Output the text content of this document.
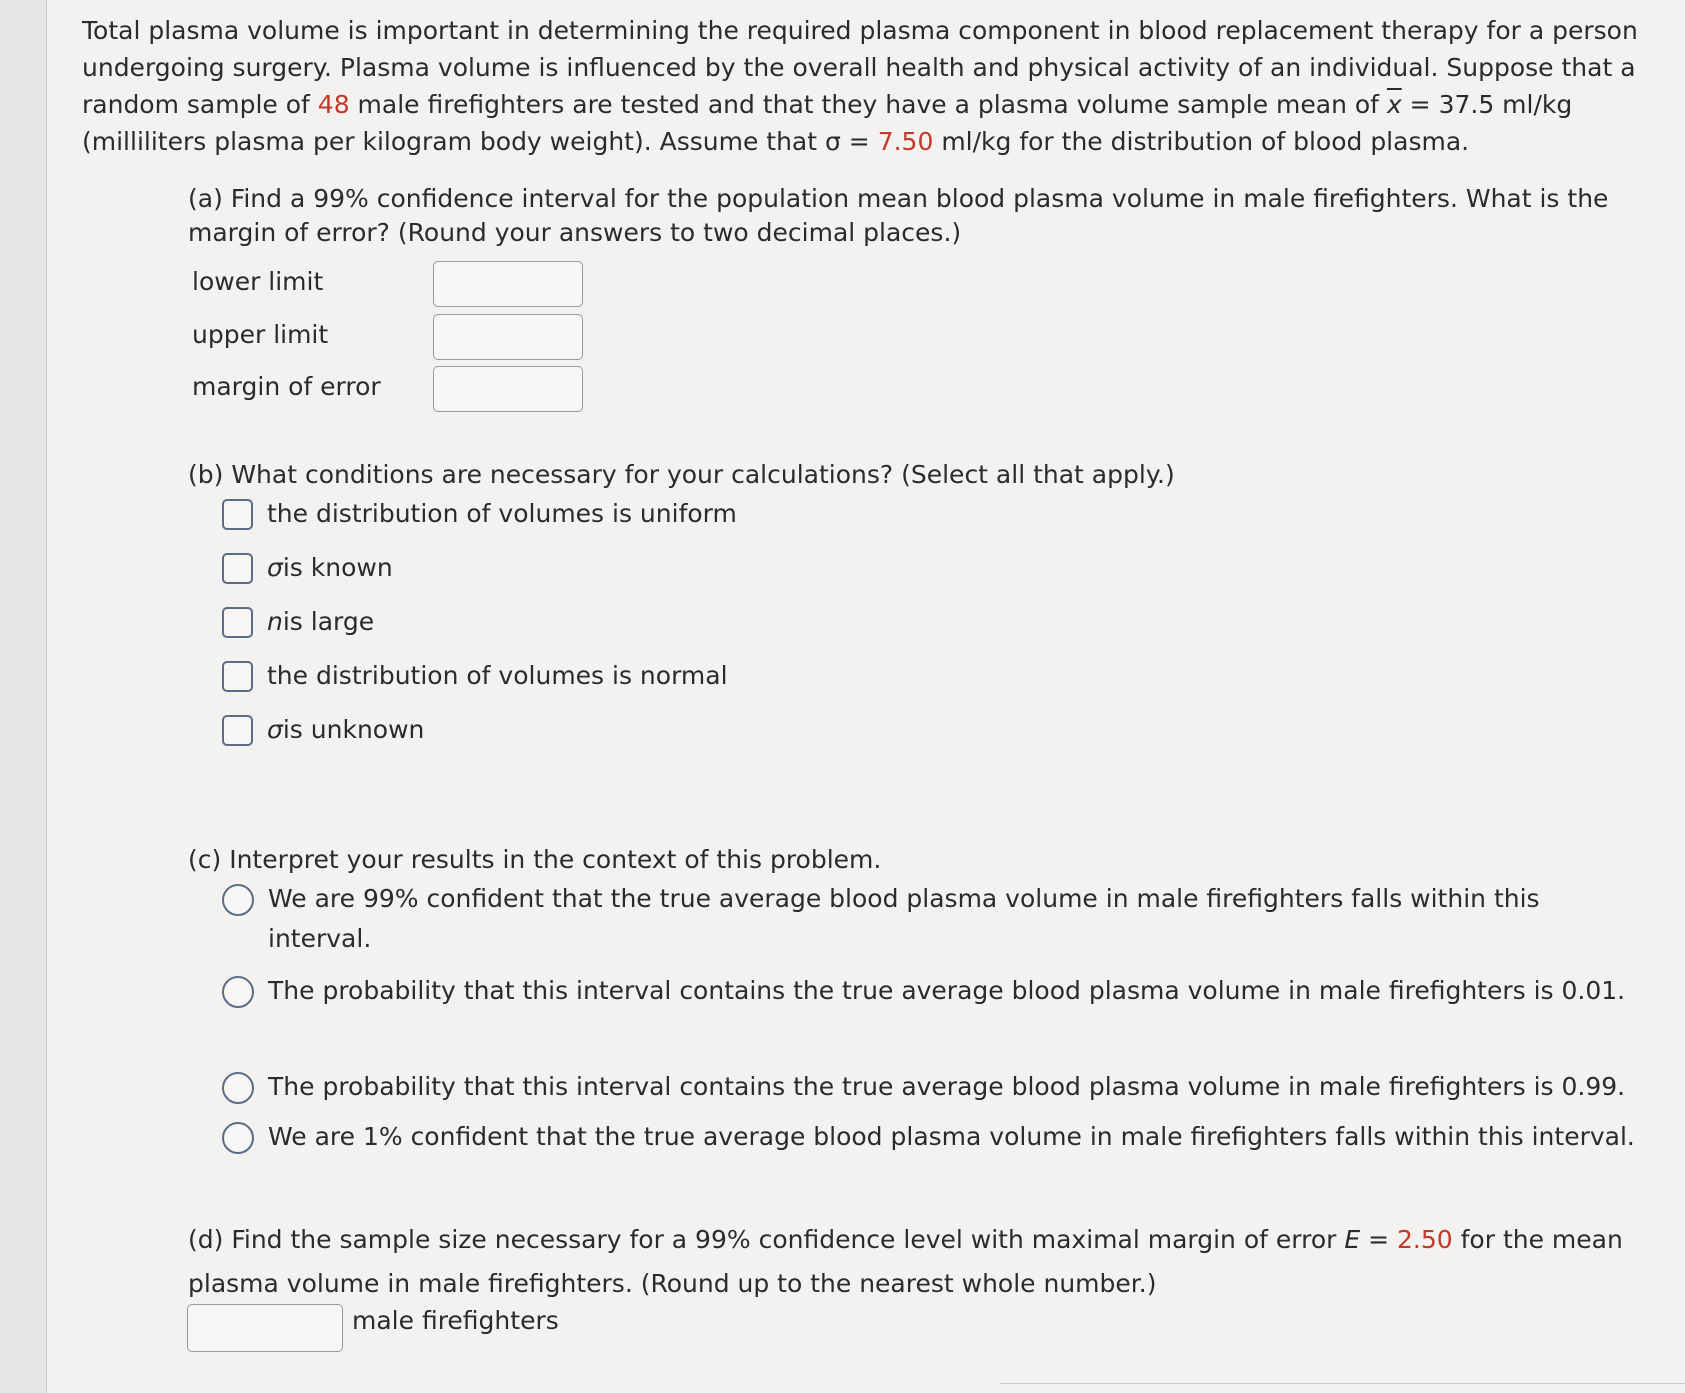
Total plasma volume is important in determining the required plasma component in blood replacement therapy for a person undergoing surgery. Plasma volume is influenced by the overall health and physical activity of an individual. Suppose that a random sample of 48 male firefighters are tested and that they have a plasma volume sample mean of $\overline{x} = 37.5$ ml/kg (milliliters plasma per kilogram body weight). Assume that σ = 7.50 ml/kg for the distribution of blood plasma.
(a) Find a 99% confidence interval for the population mean blood plasma volume in male firefighters. What is the margin of error? (Round your answers to two decimal places.)
lower limit
upper limit
margin of error
(b) What conditions are necessary for your calculations? (Select all that apply.)
the distribution of volumes is uniform
σ is known
n is large
the distribution of volumes is normal
σ is unknown
(c) Interpret your results in the context of this problem.
We are 99% confident that the true average blood plasma volume in male firefighters falls within this interval.
The probability that this interval contains the true average blood plasma volume in male firefighters is 0.01.
The probability that this interval contains the true average blood plasma volume in male firefighters is 0.99.
We are 1% confident that the true average blood plasma volume in male firefighters falls within this interval.
(d) Find the sample size necessary for a 99% confidence level with maximal margin of error E = 2.50 for the mean plasma volume in male firefighters. (Round up to the nearest whole number.)
male firefighters
